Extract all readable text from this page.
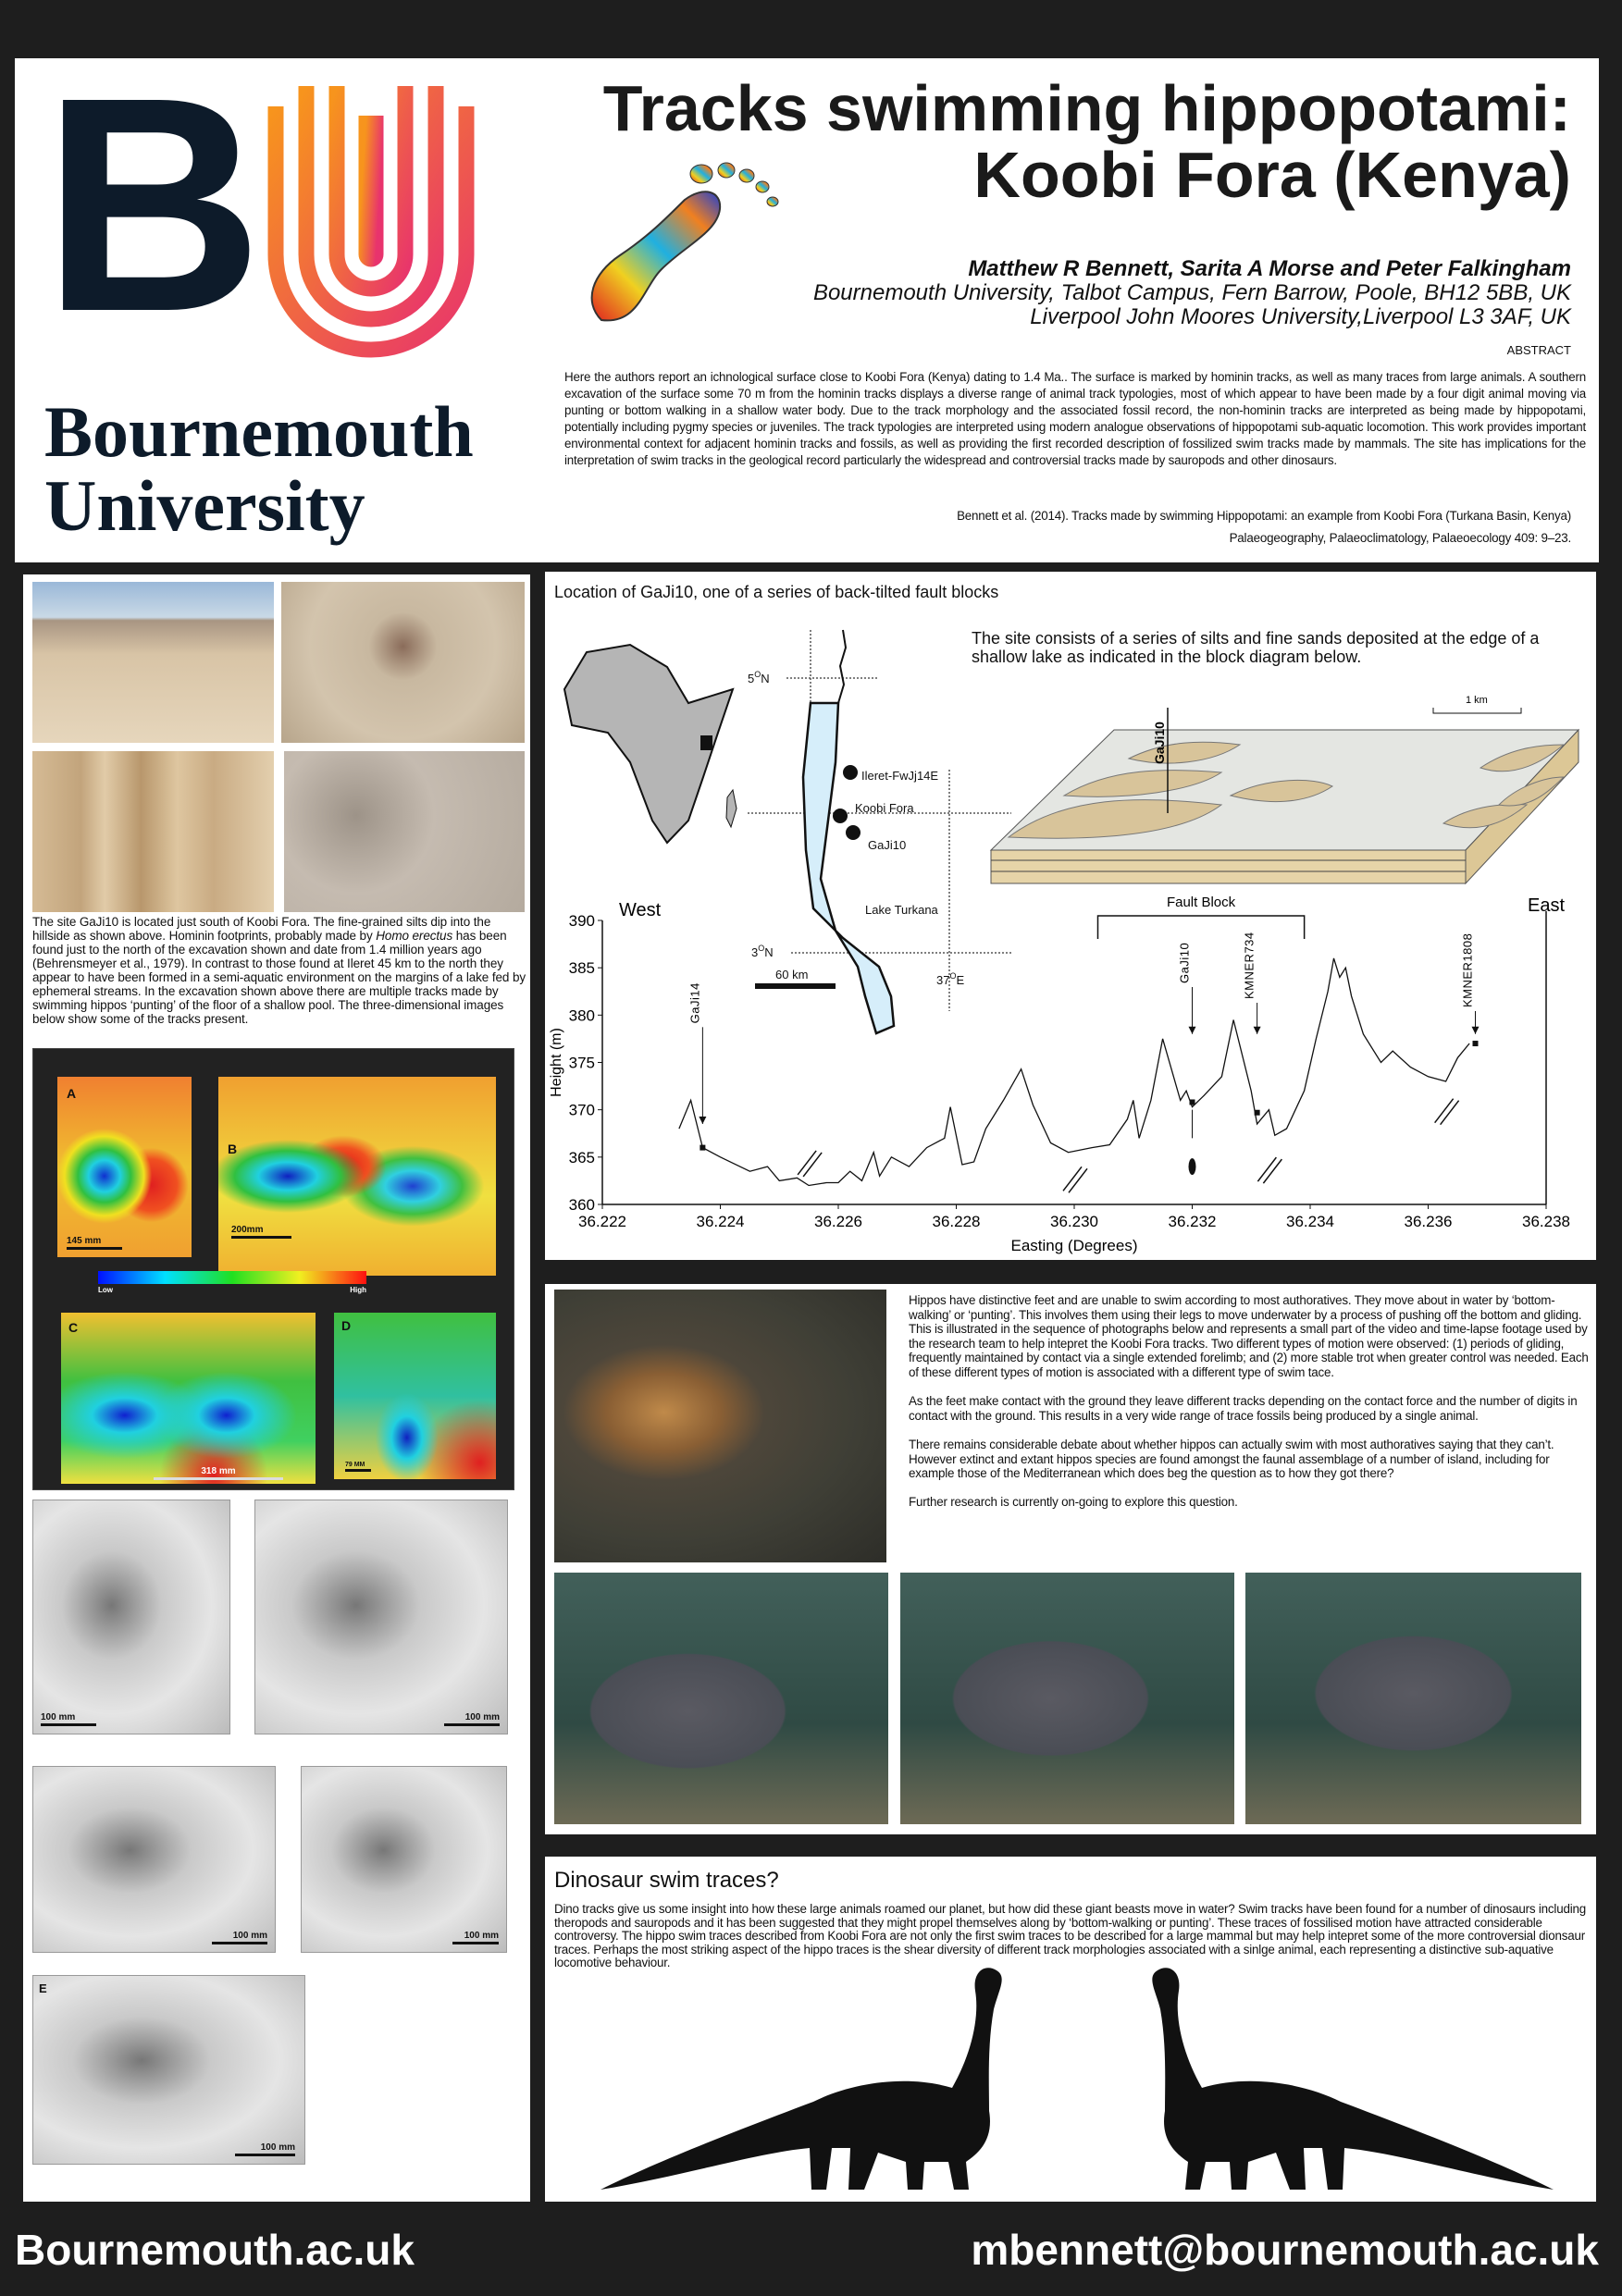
B
Bournemouth
University
Tracks swimming hippopotami:
Koobi Fora (Kenya)
Matthew R Bennett, Sarita A Morse and Peter Falkingham
Bournemouth University, Talbot Campus, Fern Barrow, Poole, BH12 5BB, UK
Liverpool John Moores University,Liverpool L3 3AF, UK
ABSTRACT
Here the authors report an ichnological surface close to Koobi Fora (Kenya) dating to 1.4 Ma.. The surface is marked by hominin tracks, as well as many traces from large animals. A southern excavation of the surface some 70 m from the hominin tracks displays a diverse range of animal track typologies, most of which appear to have been made by a four digit animal moving via punting or bottom walking in a shallow water body. Due to the track morphology and the associated fossil record, the non-hominin tracks are interpreted as being made by hippopotami, potentially including pygmy species or juveniles. The track typologies are interpreted using modern analogue observations of hippopotami sub-aquatic locomotion. This work provides important environmental context for adjacent hominin tracks and fossils, as well as providing the first recorded description of fossilized swim tracks made by mammals. The site has implications for the interpretation of swim tracks in the geological record particularly the widespread and controversial tracks made by sauropods and other dinosaurs.
Bennett et al. (2014). Tracks made by swimming Hippopotami: an example from Koobi Fora (Turkana Basin, Kenya)
Palaeogeography, Palaeoclimatology, Palaeoecology 409: 9–23.
The site GaJi10 is located just south of Koobi Fora. The fine-grained silts dip into the hillside as shown above. Hominin footprints, probably made by Homo erectus has been found just to the north of the excavation shown and date from 1.4 million years ago (Behrensmeyer et al., 1979). In contrast to those found at Ileret 45 km to the north they appear to have been formed in a semi-aquatic environment on the margins of a lake fed by ephemeral streams. In the excavation shown above there are multiple tracks made by swimming hippos ‘punting’ of the floor of a shallow pool. The three-dimensional images below show some of the tracks present.
A
145 mm
B
200mm
Low	High
C
318 mm
D
79 MM
100 mm	100 mm
100 mm	100 mm
E
100 mm
Location of GaJi10, one of a series of back-tilted fault blocks
The site consists of a series of silts and fine sands deposited at the edge of a shallow lake as indicated in the block diagram below.
$5^ON$
Ileret-FwJj14E
Koobi Fora
GaJi10
Lake Turkana
$3^ON$
$37^OE$
60 km
GaJi10
1 km
36.222	36.224	36.226	36.228	36.230	36.232	36.234	36.236	36.238
360
365
370
375
380
385
390
Easting (Degrees)
Height (m)
West	East
Fault Block
GaJi14
GaJi10	KMNER734	KMNER1808

Hippos have distinctive feet and are unable to swim according to most authoratives. They move about in water by ‘bottom-walking’ or ‘punting’. This involves them using their legs to move underwater by a process of pushing off the bottom and gliding. This is illustrated in the sequence of photographs below and represents a small part of the video and time-lapse footage used by the research team to help intepret the Koobi Fora tracks. Two different types of motion were observed: (1) periods of gliding, frequently maintained by contact via a single extended forelimb; and (2) more stable trot when greater control was needed. Each of these different types of motion is associated with a different type of swim tace.

As the feet make contact with the ground they leave different tracks depending on the contact force and the number of digits in contact with the ground. This results in a very wide range of trace fossils being produced by a single animal.

There remains considerable debate about whether hippos can actually swim with most authoratives saying that they can’t. However extinct and extant hippos species are found amongst the faunal assemblage of a number of island, including for example those of the Mediterranean which does beg the question as to how they got there?

Further research is currently on-going to explore this question.

Dinosaur swim traces?
Dino tracks give us some insight into how these large animals roamed our planet, but how did these giant beasts move in water? Swim tracks have been found for a number of dinosaurs including theropods and sauropods and it has been suggested that they might propel themselves along by ‘bottom-walking or punting’. These traces of fossilised motion have attracted considerable controversy. The hippo swim traces described from Koobi Fora are not only the first swim traces to be described for a large mammal but may help intepret some of the more controversial dionsaur traces. Perhaps the most striking aspect of the hippo traces is the shear diversity of different track morphologies associated with a sinlge animal, each representing a distinctive sub-aquative locomotive behaviour.
Bournemouth.ac.uk	mbennett@bournemouth.ac.uk
